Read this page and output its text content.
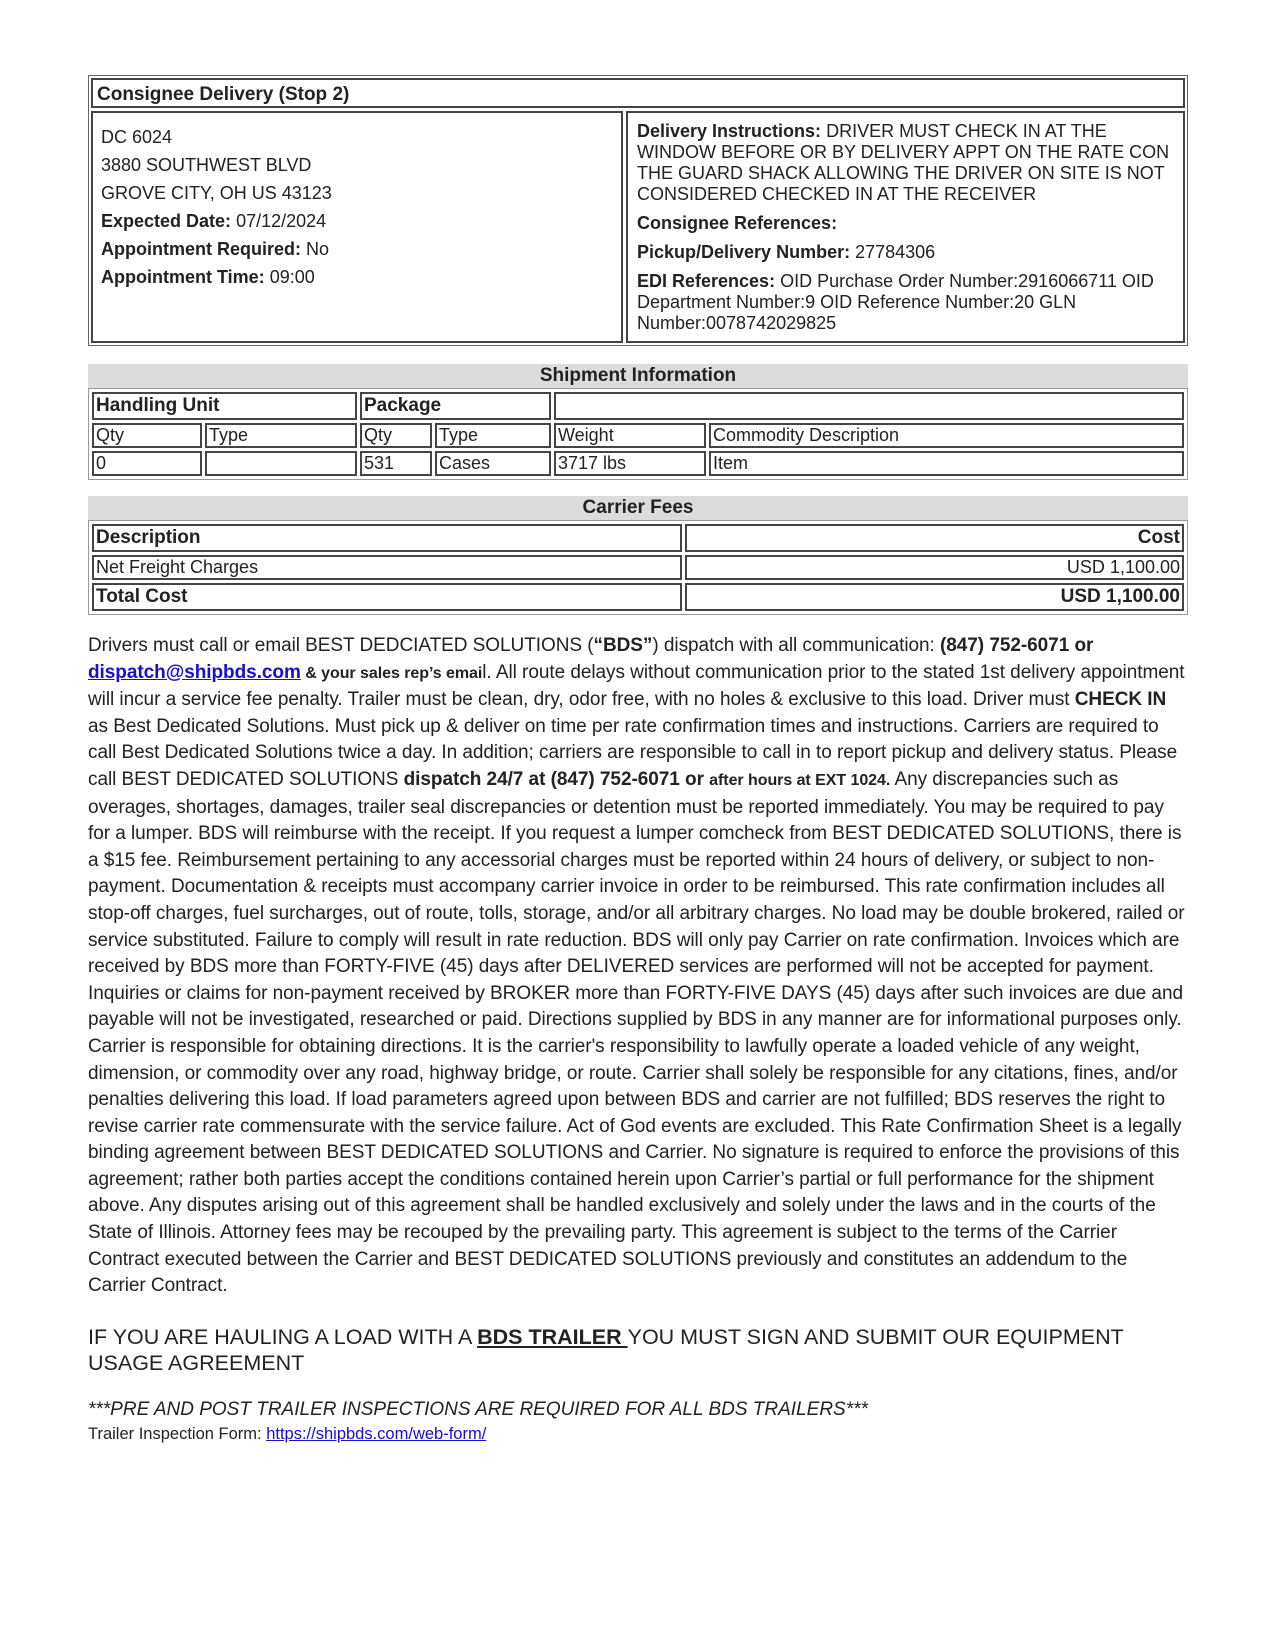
Consignee Delivery (Stop 2)
DC 6024
3880 SOUTHWEST BLVD
GROVE CITY, OH US 43123
Expected Date: 07/12/2024
Appointment Required: No
Appointment Time: 09:00
Delivery Instructions: DRIVER MUST CHECK IN AT THE WINDOW BEFORE OR BY DELIVERY APPT ON THE RATE CON THE GUARD SHACK ALLOWING THE DRIVER ON SITE IS NOT CONSIDERED CHECKED IN AT THE RECEIVER
Consignee References:
Pickup/Delivery Number: 27784306
EDI References: OID Purchase Order Number:2916066711 OID Department Number:9 OID Reference Number:20 GLN Number:0078742029825
Shipment Information
Handling Unit		Package			
Qty	Type	Qty	Type	Weight	Commodity Description
0		531	Cases	3717 lbs	Item
Carrier Fees
Description	Cost
Net Freight Charges	USD 1,100.00
Total Cost	USD 1,100.00
Drivers must call or email BEST DEDCIATED SOLUTIONS (“BDS”) dispatch with all communication: (847) 752-6071 or dispatch@shipbds.com & your sales rep’s email. All route delays without communication prior to the stated 1st delivery appointment will incur a service fee penalty. Trailer must be clean, dry, odor free, with no holes & exclusive to this load. Driver must CHECK IN as Best Dedicated Solutions. Must pick up & deliver on time per rate confirmation times and instructions. Carriers are required to call Best Dedicated Solutions twice a day. In addition; carriers are responsible to call in to report pickup and delivery status. Please call BEST DEDICATED SOLUTIONS dispatch 24/7 at (847) 752-6071 or after hours at EXT 1024. Any discrepancies such as overages, shortages, damages, trailer seal discrepancies or detention must be reported immediately. You may be required to pay for a lumper. BDS will reimburse with the receipt. If you request a lumper comcheck from BEST DEDICATED SOLUTIONS, there is a $15 fee. Reimbursement pertaining to any accessorial charges must be reported within 24 hours of delivery, or subject to non-payment. Documentation & receipts must accompany carrier invoice in order to be reimbursed. This rate confirmation includes all stop-off charges, fuel surcharges, out of route, tolls, storage, and/or all arbitrary charges. No load may be double brokered, railed or service substituted. Failure to comply will result in rate reduction. BDS will only pay Carrier on rate confirmation. Invoices which are received by BDS more than FORTY-FIVE (45) days after DELIVERED services are performed will not be accepted for payment. Inquiries or claims for non-payment received by BROKER more than FORTY-FIVE DAYS (45) days after such invoices are due and payable will not be investigated, researched or paid. Directions supplied by BDS in any manner are for informational purposes only. Carrier is responsible for obtaining directions. It is the carrier's responsibility to lawfully operate a loaded vehicle of any weight, dimension, or commodity over any road, highway bridge, or route. Carrier shall solely be responsible for any citations, fines, and/or penalties delivering this load. If load parameters agreed upon between BDS and carrier are not fulfilled; BDS reserves the right to revise carrier rate commensurate with the service failure. Act of God events are excluded. This Rate Confirmation Sheet is a legally binding agreement between BEST DEDICATED SOLUTIONS and Carrier. No signature is required to enforce the provisions of this agreement; rather both parties accept the conditions contained herein upon Carrier’s partial or full performance for the shipment above. Any disputes arising out of this agreement shall be handled exclusively and solely under the laws and in the courts of the State of Illinois. Attorney fees may be recouped by the prevailing party. This agreement is subject to the terms of the Carrier Contract executed between the Carrier and BEST DEDICATED SOLUTIONS previously and constitutes an addendum to the Carrier Contract.
IF YOU ARE HAULING A LOAD WITH A BDS TRAILER YOU MUST SIGN AND SUBMIT OUR EQUIPMENT USAGE AGREEMENT
***PRE AND POST TRAILER INSPECTIONS ARE REQUIRED FOR ALL BDS TRAILERS***
Trailer Inspection Form: https://shipbds.com/web-form/
